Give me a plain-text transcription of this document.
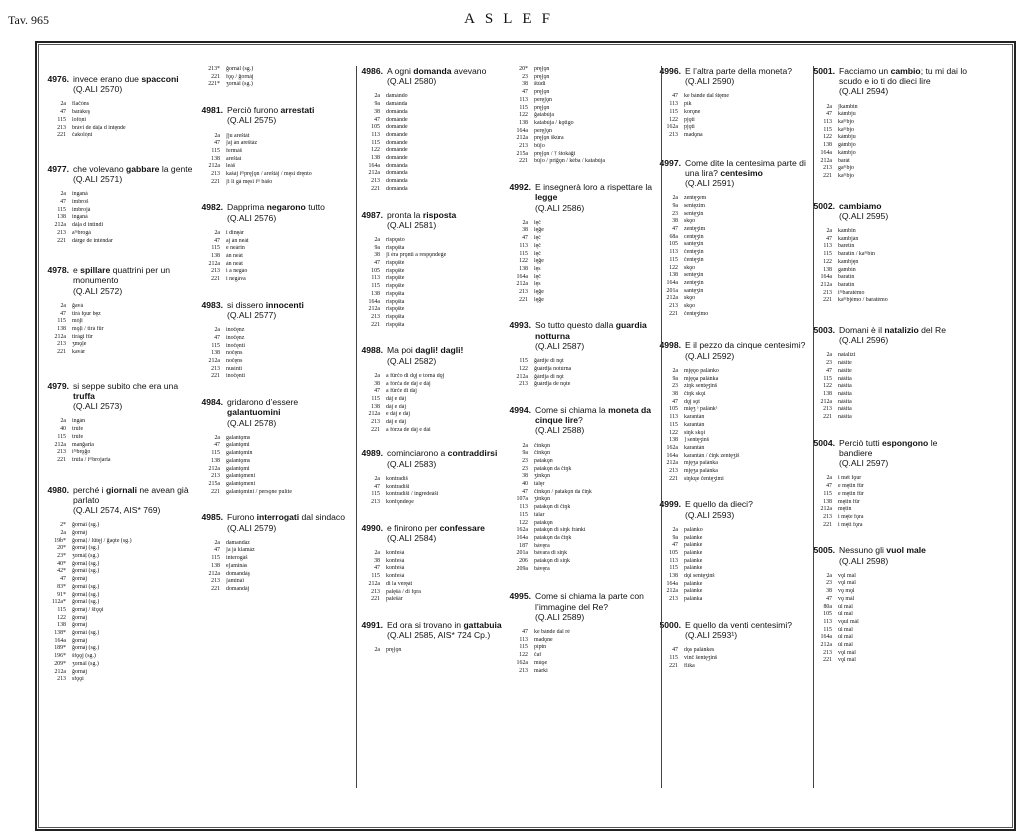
Tav. 965	ASLEF
4976. invece erano due spacconi
(Q.ALI 2570)
2a	flačóns
47	barákeş
115	lofó̜ni
213	brávi de dáļa d intę́nde
221	čakoló̜ni
4977. che volevano gabbare la gente
(Q.ALI 2571)
2a	inganá
47	imbroš
115	imbrojá
138	inganá
212a	dáļa d intindi
213	aᵐbrogá
221	dárge de inténdar
4978. e spillare quattrini per un monumento
(Q.ALI 2572)
2a	ğavá
47	tirá fǫ́ur bę́z
115	mó̜ļi
138	mǫ́ļi / tirá fǘr
212a	tirági fǘr
213	ʒmǫ́ļe
221	kavár
4979. si seppe subito che era una truffa
(Q.ALI 2573)
2a	ingán
40	trúfe
115	trúfe
212a	manğaria
213	iᵐbrǫ́ğo
221	trúfa / iᵐbrojaria
4980. perché i giornali ne avean già parlato
(Q.ALI 2574, AIS* 769)
2*	ğornái (sg.)
2a	ğornáj
19b*	ğornáļ / lǘtęj / ğaǫ́te (sg.)
20*	ğornáj (sg.)
23*	ʒornáļ (sg.)
40*	ğornáļ (sg.)
42*	ğornái (sg.)
47	ğornáj
83*	ğornái (sg.)
91*	ğornáļ (sg.)
112a*	ğornál (sg.)
115	ğornáj / šfǫǫ́i
122	ğornáj
138	ğornáj
138*	ğornái (sg.)
164a	ğornáj
189*	ğornáj (sg.)
196*	šfǫǫ́j (sg.)
209*	ʒornál (sg.)
212a	ğornáj
213	sfǫǫ́i
213*	ğornál (sg.)
221	fǫ́ǫ / ğornáj
221*	ʒornál (sg.)
4981. Perciò furono arrestati
(Q.ALI 2575)
2a	ʃju areštát
47	ʃaj án areštáz
115	fermáš
138	areštaí
212a	leáš
213	kaṡáj iᵐprę́ʃǫn / areštáj / męsi drę́nto
221	ʃi li gá męsi iᵐ bášo
4982. Dapprima negarono tutto
(Q.ALI 2576)
2a	i dinęár
47	aj án neát
115	e neárin
138	án neát
212a	án neát
213	i a negáo
221	i negáva
4983. si dissero innocenti
(Q.ALI 2577)
2a	inočę́nz
47	inočę́nz
115	inočę́nti
138	nočę́ns
212a	nočę́ns
213	nusínti
221	inočę́nti
4984. gridarono d’essere galantuomini
(Q.ALI 2578)
2a	galantǫ́ms
47	galantǫ́mi
115	galantǫ́min
138	galantǫ́ms
212a	galantǫ́mi
213	galantǫ́meni
215a	galantǫ́meni
221	galantǫ́mini / persǫ́ne pulíte
4985. Furono interrogati dal sindaco
(Q.ALI 2579)
2a	damandáz
47	ʃa já klamáz
115	interogáš
138	eʃaminás
212a	domandáş
213	ʃaminái
221	domandáj
4986. A ogni domanda avevano
(Q.ALI 2580)
2a	damándo
9a	damánda
38	dománda
47	dománde
105	dománde
113	dománde
115	dománde
122	dománde
138	dománde
164a	dománda
212a	dománda
213	dománda
221	dománda
4987. pronta la risposta
(Q.ALI 2581)
2a	rispǫ́sto
9a	rispǫ́šta
38	ʃi éra prǫ́nti a respǫ́ndeǵe
47	rispǫ́šte
105	rispǫ́šte
113	rispǫ́šte
115	rispǫ́šte
138	rispǫ́šta
164a	rispǫ́šta
212a	rispǫ́šte
213	rispǫ́šta
221	rispǫ́šta
4988. Ma poi dagli! dagli!
(Q.ALI 2582)
2a	a fǘrčo di dǫ́j e torná dǫ́j
38	a fórča de dáj e dáj
47	a fǘrče di dáj
115	dáj e dáj
138	dáj e dáj
212a	e dáj e dáj
213	dáj e dáj
221	a fórza de dáj e dái
4989. cominciarono a contraddirsi
(Q.ALI 2583)
2a	kontradíš
47	kontradíši
115	kontradíši / ingredeáši
213	konfǫ́ndeǫ́e
4990. e finirono per confessare
(Q.ALI 2584)
2a	konfeśá
38	konfeśá
47	konfeśá
115	konfeśá
212a	di la verę́át
213	palę́šá / di fǫ́ra
221	palešár
4991. Ed ora si trovano in gattabuia
(Q.ALI 2585, AIS* 724 Cp.)
2a	prę́ʃǫn
20*	prę́ʃǫn
23	prę́ʃǫn
38	štúdi
47	prę́ʃǫn
113	perę́ʃǫn
115	prę́ʃǫn
122	ğatabúja
138	katabúja / kǫ́tigo
164a	perę́ʃǫn
212a	prę́ʃǫn škúra
213	bǘʃo
215a	prę́ʃǫn / † štokáǧi
221	búʃo / priǧǫ́n / kéba / katabúja
4992. E insegnerà loro a rispettare la legge
(Q.ALI 2586)
2a	lę́č
38	lę́ğe
47	lę́č
113	lę́č
115	lę́č
122	lę́ğe
138	lęs
164a	lę́č
212a	lęs
213	lę́ğe
221	lę́ğe
4993. So tutto questo dalla guardia notturna
(Q.ALI 2587)
115	ğárdje di nǫ́t
122	ğuárdja notúrna
212a	ğárdja di nǫ́t
213	ğuárdja de nǫ́te
4994. Come si chiama la moneta da cinque lire?
(Q.ALI 2588)
2a	činkǫ́n
9a	činkǫ́n
23	patakǫ́n
23	patakǫ́n da čiŋk
38	ʒinkǫ́n
40	tálęr
47	činkǫ́n / patakǫ́n da čiŋk
107a	ʒinkǫ́n
113	patakǫ́n di čiŋk
115	tálar
122	patakǫ́n
162a	patakǫ́n di siŋk fránkí
164a	patakǫ́n da čiŋk
187	bávęra
201a	bávara di siŋk
206	patakǫ́n di siŋk
209a	bávęra
4995. Come si chiama la parte con l’immagine del Re?
(Q.ALI 2589)
47	ke bánde dal ré
113	madǫ́ne
115	píptn
122	čaf
162a	múǫ́e
213	márki
4996. E l’altra parte della moneta?
(Q.ALI 2590)
47	ke bánde dal štę́me
113	pík
115	korǫ́ne
122	pjǫ́ti
162a	pjǫ́ti
213	madǫ́na
4997. Come dite la centesima parte di una lira? centesimo
(Q.ALI 2591)
2a	zentę́ʒem
9a	sentę́zim
23	sentę́ʒin
38	skǫ́o
47	zentę́ʒim
68a	centę́ʒin
105	santę́ʒin
113	čentę́ʒin
115	čentę́ʒin
122	skǫ́o
138	sentę́ʒin
164a	zentę́ʒin
201a	santę́ʒin
212a	skǫ́o
213	skǫ́o
221	čentę́ʒimo
4998. E il pezzo da cinque centesimi?
(Q.ALI 2592)
2a	mję́ǫo palánko
9a	mję́ǫa palánka
23	ziŋk sentę́ʒinš
38	čiŋk skǫ́i
47	dǫ́j sǫ́t
105	mię́ʒ ᵃ palánkᵃ
113	karantán
115	karantán
122	siŋk skǫ́i
138	] sentę́ʒinš
162a	karantán
164a	karantán / čiŋk zentę́ʒiš
212a	mję́ʒa palánka
213	mję́ʒa palánka
221	siŋkųe čentę́ʒimi
4999. E quello da dieci?
(Q.ALI 2593)
2a	palánko
9a	palánke
47	palánke
105	palánke
113	palánke
115	palánke
138	dǫ́i sentę́ʒinš
164a	palánke
212a	palánke
213	palánka
5000. E quello da venti centesimi?
(Q.ALI 2593¹)
47	dǫ́s palánkes
115	vinč šentę́ʒinš
221	flíka
5001. Facciamo un cambio; tu mi dai lo scudo e io ti do dieci lire
(Q.ALI 2594)
2a	ʃkambin
47	kámbju
113	kaᵐbjo
115	kaᵐbjo
122	kámbju
138	gámbjo
164a	kámbjo
212a	barát
213	gaᵐbjo
221	kaᵐbjo
5002. cambiamo
(Q.ALI 2595)
2a	kambin
47	kambján
113	baretín
115	baratín / kaᵐbín
122	kambję́n
138	gambín
164a	baratín
212a	baratín
213	iᵐbaratémo
221	kaᵐbjémo / baratémo
5003. Domani è il natalizio del Re
(Q.ALI 2596)
2a	natalízi
23	náśite
47	náśite
115	náśita
122	náśita
138	náśita
212a	náśita
213	náśita
221	náśita
5004. Perciò tutti espongono le bandiere
(Q.ALI 2597)
2a	i mét fǫ́ur
47	e mę́tin fǘr
115	e mę́tin fǘr
138	mę́tin fǘr
212a	mę́tin
213	i mę́te fǫ́ra
221	i męti fǫ́ra
5005. Nessuno gli vuol male
(Q.ALI 2598)
2a	vǫ́l mál
23	vǫ́l mál
38	vǫ́ mǫ́l
47	vǫ́ mál
80a	úl mál
105	úl mál
113	vǫ́ul mál
115	úl mál
164a	úl mál
212a	úl mál
213	vǫ́l mál
221	vǫ́l mál
